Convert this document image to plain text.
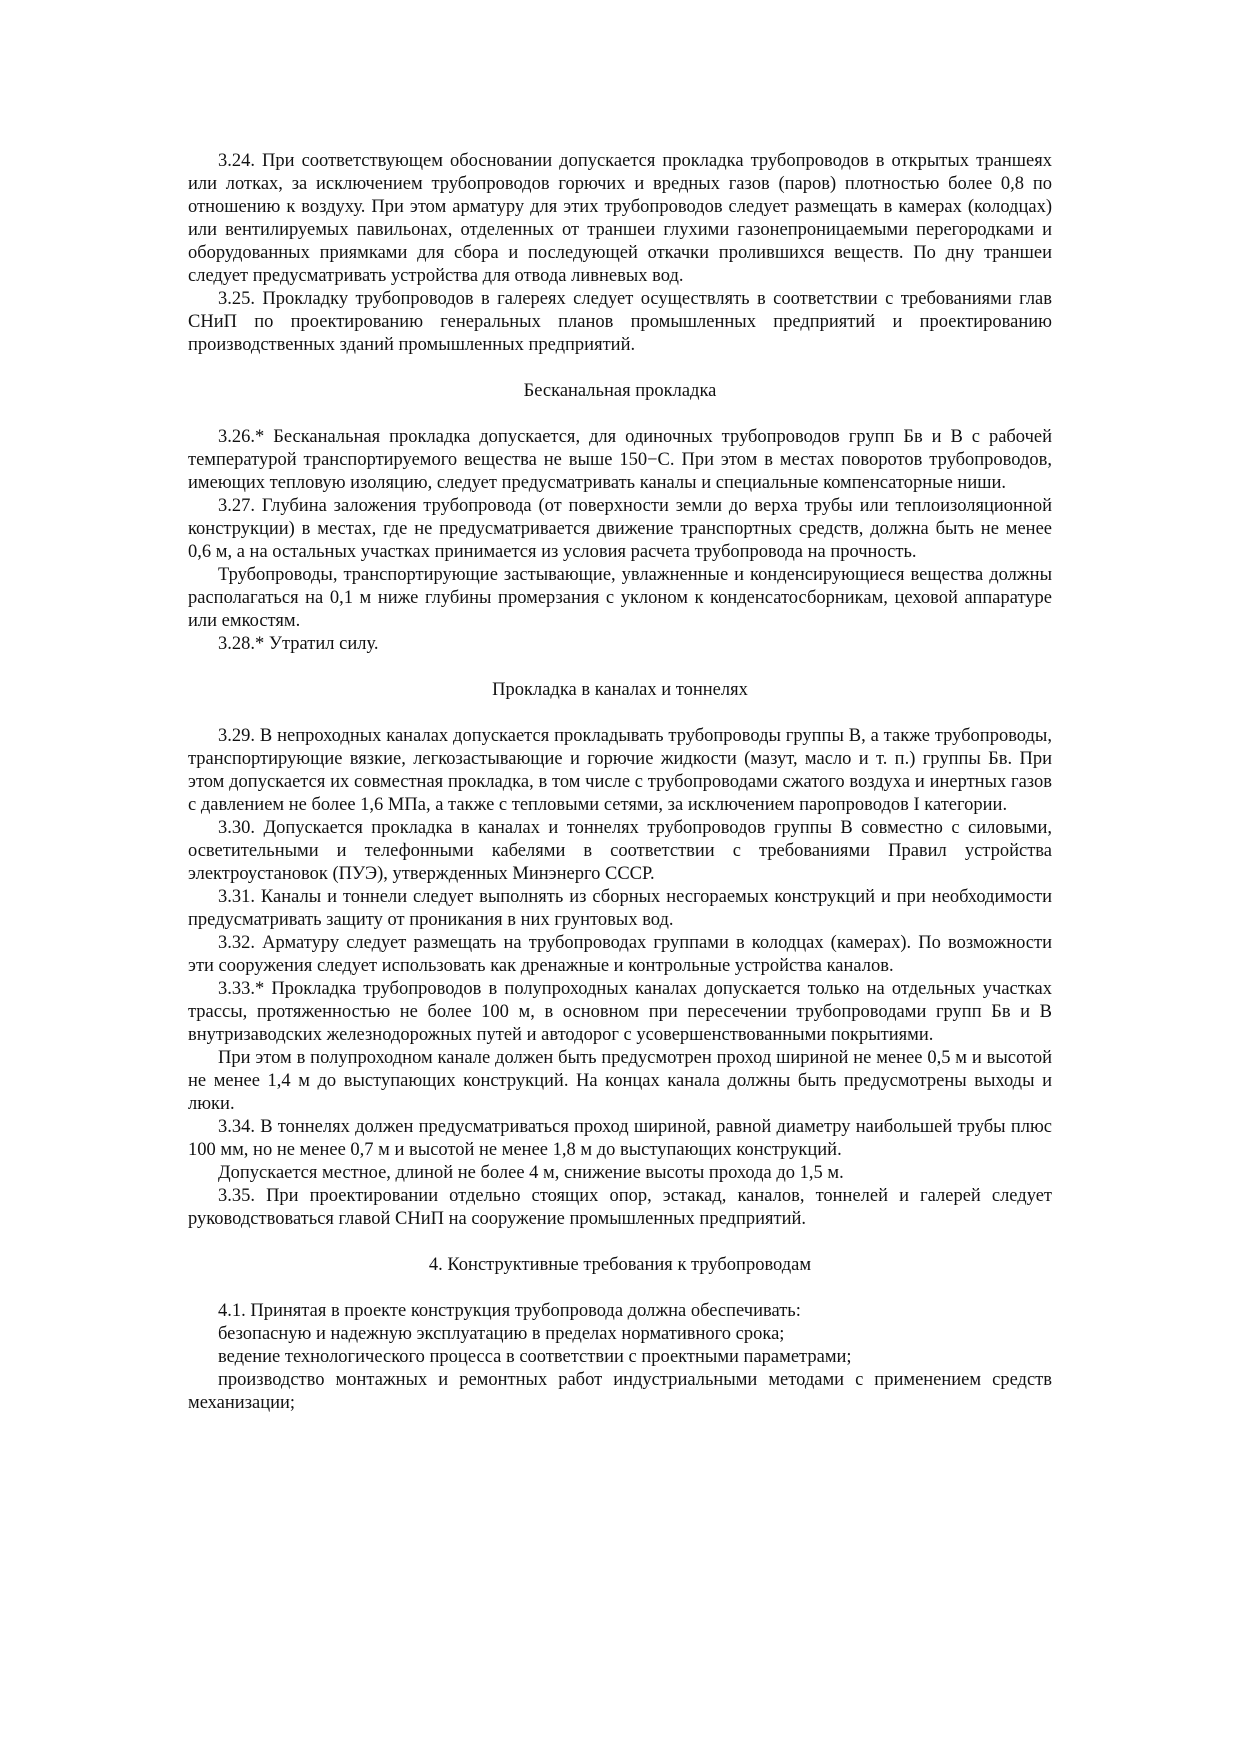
3.24. При соответствующем обосновании допускается прокладка трубопроводов в открытых траншеях или лотках, за исключением трубопроводов горючих и вредных газов (паров) плотностью более 0,8 по отношению к воздуху. При этом арматуру для этих трубопроводов следует размещать в камерах (колодцах) или вентилируемых павильонах, отделенных от траншеи глухими газонепроницаемыми перегородками и оборудованных приямками для сбора и последующей откачки пролившихся веществ. По дну траншеи следует предусматривать устройства для отвода ливневых вод.

3.25. Прокладку трубопроводов в галереях следует осуществлять в соответствии с требованиями глав СНиП по проектированию генеральных планов промышленных предприятий и проектированию производственных зданий промышленных предприятий.

Бесканальная прокладка

3.26.* Бесканальная прокладка допускается, для одиночных трубопроводов групп Бв и В с рабочей температурой транспортируемого вещества не выше 150−С. При этом в местах поворотов трубопроводов, имеющих тепловую изоляцию, следует предусматривать каналы и специальные компенсаторные ниши.

3.27. Глубина заложения трубопровода (от поверхности земли до верха трубы или теплоизоляционной конструкции) в местах, где не предусматривается движение транспортных средств, должна быть не менее 0,6 м, а на остальных участках принимается из условия расчета трубопровода на прочность.

Трубопроводы, транспортирующие застывающие, увлажненные и конденсирующиеся вещества должны располагаться на 0,1 м ниже глубины промерзания с уклоном к конденсатосборникам, цеховой аппаратуре или емкостям.

3.28.* Утратил силу.

Прокладка в каналах и тоннелях

3.29. В непроходных каналах допускается прокладывать трубопроводы группы В, а также трубопроводы, транспортирующие вязкие, легкозастывающие и горючие жидкости (мазут, масло и т. п.) группы Бв. При этом допускается их совместная прокладка, в том числе с трубопроводами сжатого воздуха и инертных газов с давлением не более 1,6 МПа, а также с тепловыми сетями, за исключением паропроводов I категории.

3.30. Допускается прокладка в каналах и тоннелях трубопроводов группы В совместно с силовыми, осветительными и телефонными кабелями в соответствии с требованиями Правил устройства электроустановок (ПУЭ), утвержденных Минэнерго СССР.

3.31. Каналы и тоннели следует выполнять из сборных несгораемых конструкций и при необходимости предусматривать защиту от проникания в них грунтовых вод.

3.32. Арматуру следует размещать на трубопроводах группами в колодцах (камерах). По возможности эти сооружения следует использовать как дренажные и контрольные устройства каналов.

3.33.* Прокладка трубопроводов в полупроходных каналах допускается только на отдельных участках трассы, протяженностью не более 100 м, в основном при пересечении трубопроводами групп Бв и В внутризаводских железнодорожных путей и автодорог с усовершенствованными покрытиями.

При этом в полупроходном канале должен быть предусмотрен проход шириной не менее 0,5 м и высотой не менее 1,4 м до выступающих конструкций. На концах канала должны быть предусмотрены выходы и люки.

3.34. В тоннелях должен предусматриваться проход шириной, равной диаметру наибольшей трубы плюс 100 мм, но не менее 0,7 м и высотой не менее 1,8 м до выступающих конструкций.

Допускается местное, длиной не более 4 м, снижение высоты прохода до 1,5 м.

3.35. При проектировании отдельно стоящих опор, эстакад, каналов, тоннелей и галерей следует руководствоваться главой СНиП на сооружение промышленных предприятий.

4. Конструктивные требования к трубопроводам

4.1. Принятая в проекте конструкция трубопровода должна обеспечивать:

безопасную и надежную эксплуатацию в пределах нормативного срока;

ведение технологического процесса в соответствии с проектными параметрами;

производство монтажных и ремонтных работ индустриальными методами с применением средств механизации;
